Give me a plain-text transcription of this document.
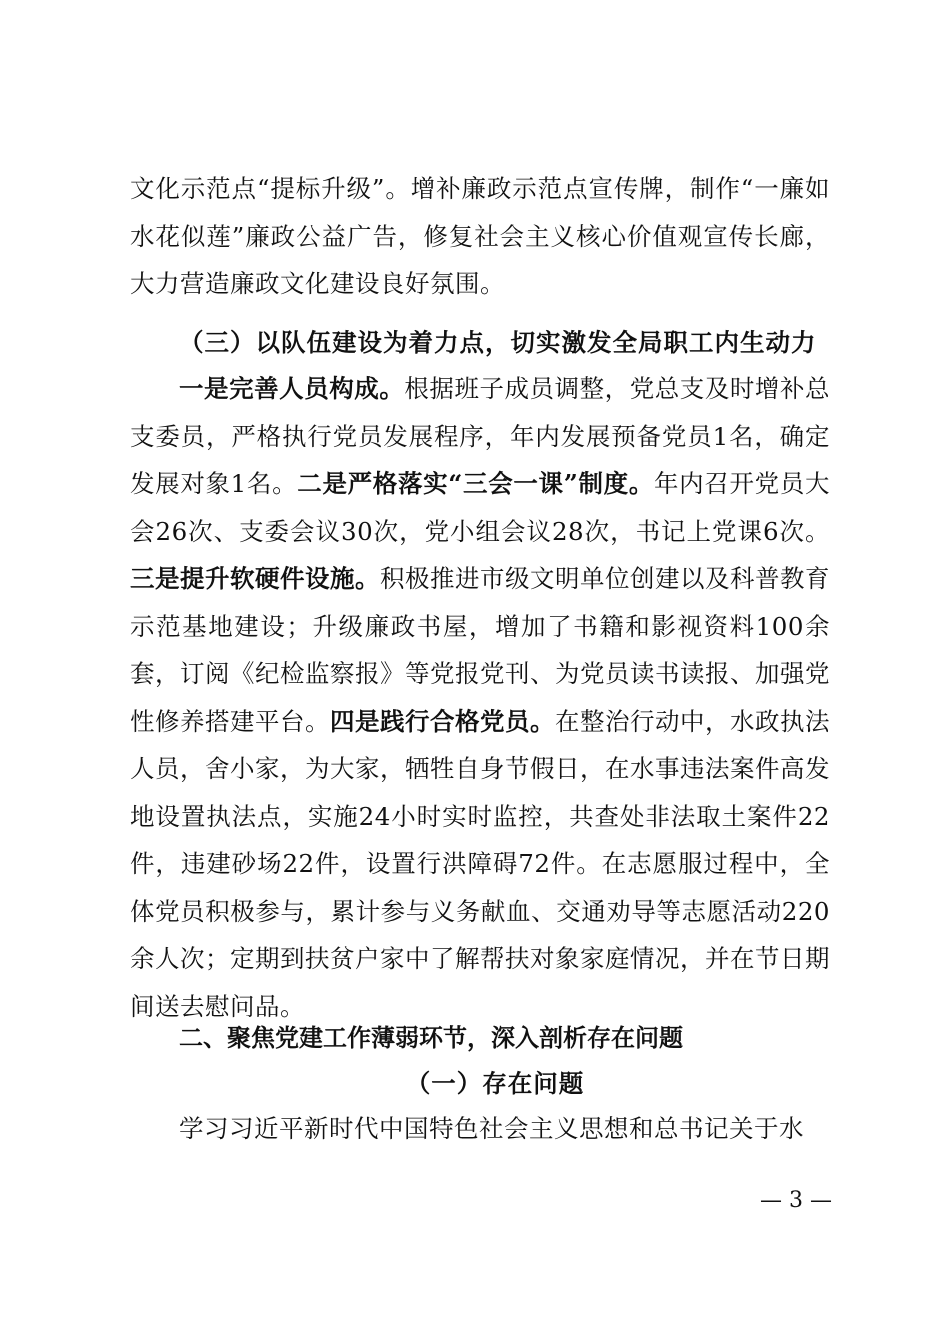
文化示范点“提标升级”。增补廉政示范点宣传牌，制作“一廉如水花似莲”廉政公益广告，修复社会主义核心价值观宣传长廊，大力营造廉政文化建设良好氛围。

（三）以队伍建设为着力点，切实激发全局职工内生动力

一是完善人员构成。根据班子成员调整，党总支及时增补总支委员，严格执行党员发展程序，年内发展预备党员1名，确定发展对象1名。二是严格落实“三会一课”制度。年内召开党员大会26次、支委会议30次，党小组会议28次，书记上党课6次。三是提升软硬件设施。积极推进市级文明单位创建以及科普教育示范基地建设；升级廉政书屋，增加了书籍和影视资料100余套，订阅《纪检监察报》等党报党刊、为党员读书读报、加强党性修养搭建平台。四是践行合格党员。在整治行动中，水政执法人员，舍小家，为大家，牺牲自身节假日，在水事违法案件高发地设置执法点，实施24小时实时监控，共查处非法取土案件22件，违建砂场22件，设置行洪障碍72件。在志愿服过程中，全体党员积极参与，累计参与义务献血、交通劝导等志愿活动220余人次；定期到扶贫户家中了解帮扶对象家庭情况，并在节日期间送去慰问品。

二、聚焦党建工作薄弱环节，深入剖析存在问题
（一）存在问题

学习习近平新时代中国特色社会主义思想和总书记关于水

— 3 —
